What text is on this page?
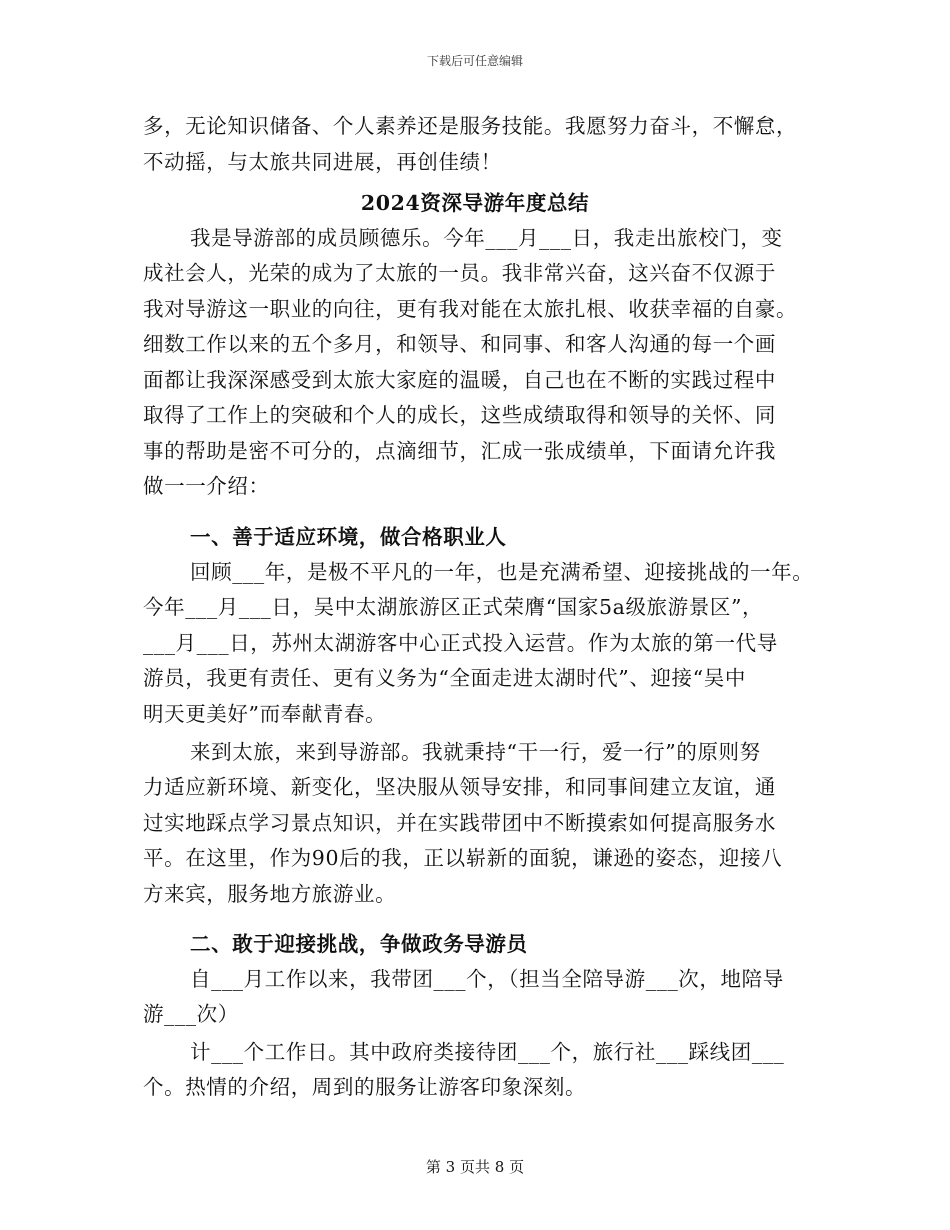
下载后可任意编辑
多，无论知识储备、个人素养还是服务技能。我愿努力奋斗，不懈怠，
不动摇，与太旅共同进展，再创佳绩！
2024资深导游年度总结
我是导游部的成员顾德乐。今年___月___日，我走出旅校门，变
成社会人，光荣的成为了太旅的一员。我非常兴奋，这兴奋不仅源于
我对导游这一职业的向往，更有我对能在太旅扎根、收获幸福的自豪。
细数工作以来的五个多月，和领导、和同事、和客人沟通的每一个画
面都让我深深感受到太旅大家庭的温暖，自己也在不断的实践过程中
取得了工作上的突破和个人的成长，这些成绩取得和领导的关怀、同
事的帮助是密不可分的，点滴细节，汇成一张成绩单，下面请允许我
做一一介绍：
一、善于适应环境，做合格职业人
回顾___年，是极不平凡的一年，也是充满希望、迎接挑战的一年。
今年___月___日，吴中太湖旅游区正式荣膺“国家5a级旅游景区”，
___月___日，苏州太湖游客中心正式投入运营。作为太旅的第一代导
游员，我更有责任、更有义务为“全面走进太湖时代”、迎接“吴中
明天更美好”而奉献青春。
来到太旅，来到导游部。我就秉持“干一行，爱一行”的原则努
力适应新环境、新变化，坚决服从领导安排，和同事间建立友谊，通
过实地踩点学习景点知识，并在实践带团中不断摸索如何提高服务水
平。在这里，作为90后的我，正以崭新的面貌，谦逊的姿态，迎接八
方来宾，服务地方旅游业。
二、敢于迎接挑战，争做政务导游员
自___月工作以来，我带团___个，（担当全陪导游___次，地陪导
游___次）
计___个工作日。其中政府类接待团___个，旅行社___踩线团___
个。热情的介绍，周到的服务让游客印象深刻。
第 3 页共 8 页
